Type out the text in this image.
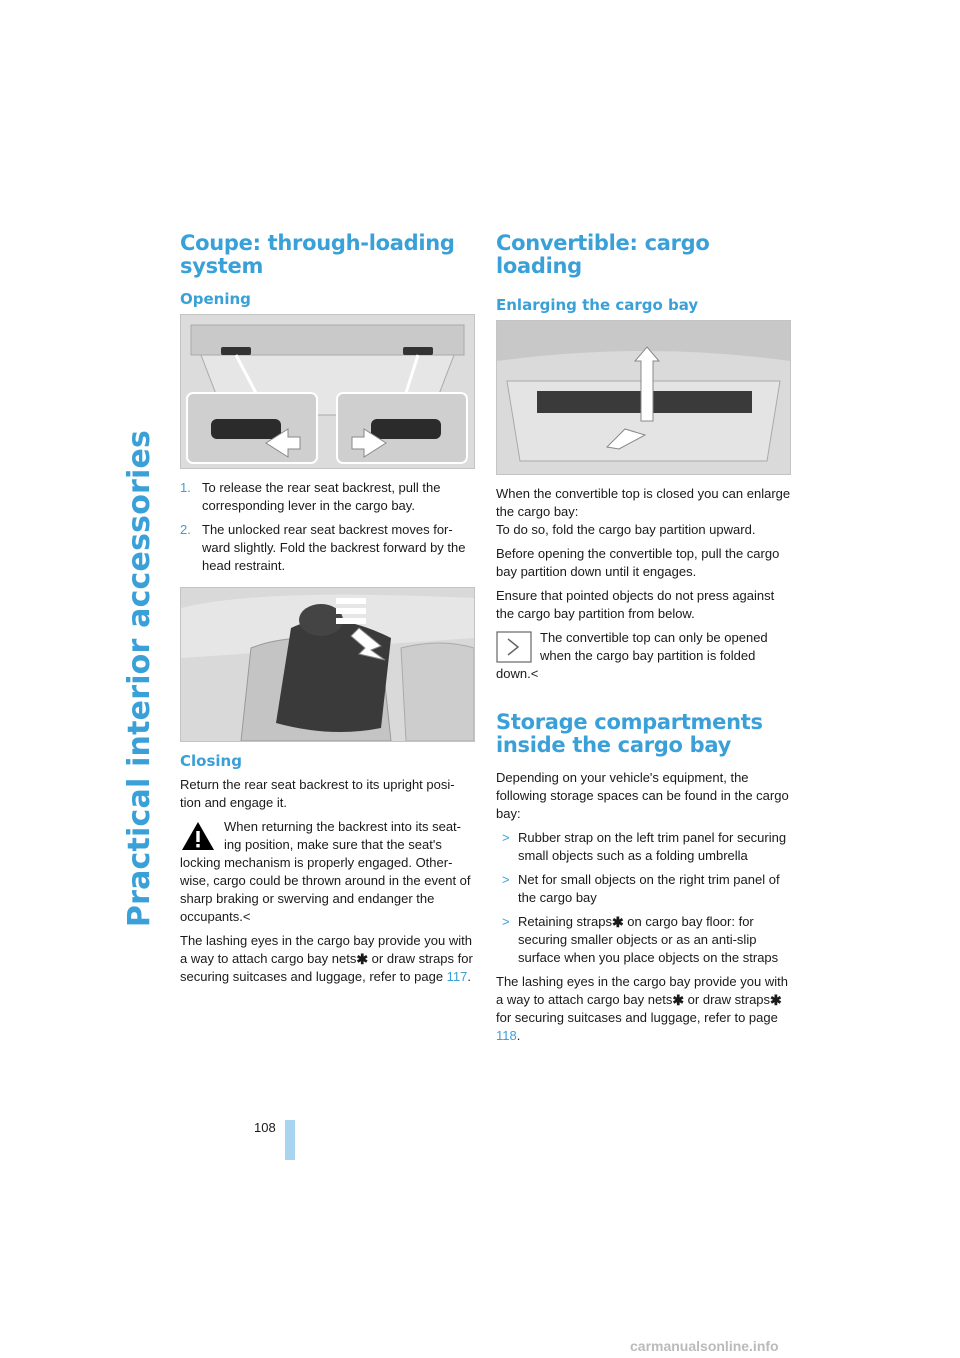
Practical interior accessories
Coupe: through-loading system
Opening
1. To release the rear seat backrest, pull the corresponding lever in the cargo bay.
2. The unlocked rear seat backrest moves for-ward slightly. Fold the backrest forward by the head restraint.
Closing

Return the rear seat backrest to its upright posi-tion and engage it.

When returning the backrest into its seat-ing position, make sure that the seat's locking mechanism is properly engaged. Other-wise, cargo could be thrown around in the event of sharp braking or swerving and endanger the occupants.<

The lashing eyes in the cargo bay provide you with a way to attach cargo bay nets✱ or draw straps for securing suitcases and luggage, refer to page 117.

Convertible: cargo loading
Enlarging the cargo bay

When the convertible top is closed you can enlarge the cargo bay:
To do so, fold the cargo bay partition upward.

Before opening the convertible top, pull the cargo bay partition down until it engages.

Ensure that pointed objects do not press against the cargo bay partition from below.

The convertible top can only be opened when the cargo bay partition is folded down.<

Storage compartments inside the cargo bay

Depending on your vehicle's equipment, the following storage spaces can be found in the cargo bay:

> Rubber strap on the left trim panel for securing small objects such as a folding umbrella
> Net for small objects on the right trim panel of the cargo bay
> Retaining straps✱ on cargo bay floor: for securing smaller objects or as an anti-slip surface when you place objects on the straps

The lashing eyes in the cargo bay provide you with a way to attach cargo bay nets✱ or draw straps✱ for securing suitcases and luggage, refer to page 118.

108
carmanualsonline.info
